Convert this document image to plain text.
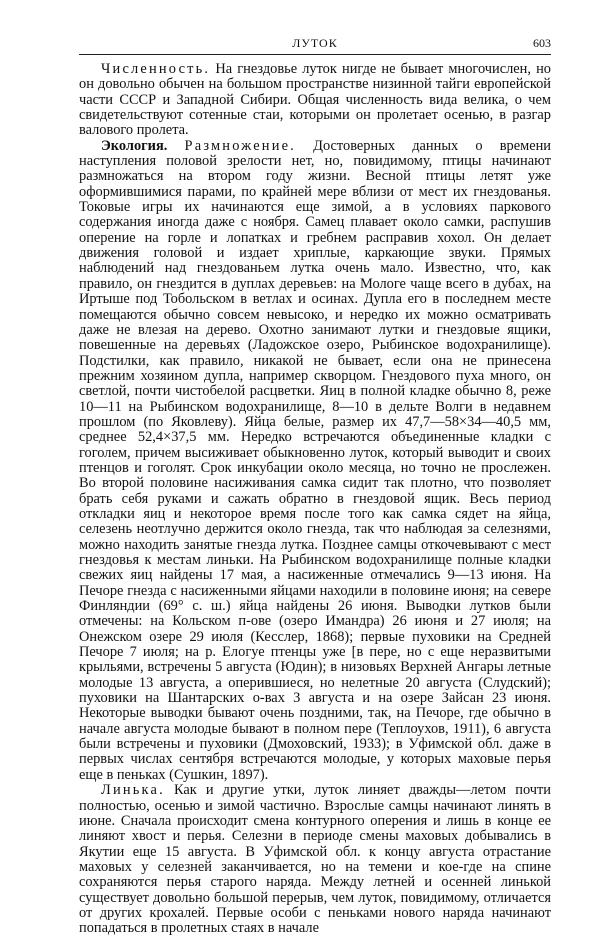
ЛУТОК	603

Численность. На гнездовье луток нигде не бывает многочислен, но он довольно обычен на большом пространстве низинной тайги европейской части СССР и Западной Сибири. Общая численность вида велика, о чем свидетельствуют сотенные стаи, которыми он пролетает осенью, в разгар валового пролета.

Экология. Размножение. Достоверных данных о времени наступления половой зрелости нет, но, повидимому, птицы начинают размножаться на втором году жизни. Весной птицы летят уже оформившимися парами, по крайней мере вблизи от мест их гнездованья. Токовые игры их начинаются еще зимой, а в условиях паркового содержания иногда даже с ноября. Самец плавает около самки, распушив оперение на горле и лопатках и гребнем расправив хохол. Он делает движения головой и издает хриплые, каркающие звуки. Прямых наблюдений над гнездованьем лутка очень мало. Известно, что, как правило, он гнездится в дуплах деревьев: на Мологе чаще всего в дубах, на Иртыше под Тобольском в ветлах и осинах. Дупла его в последнем месте помещаются обычно совсем невысоко, и нередко их можно осматривать даже не влезая на дерево. Охотно занимают лутки и гнездовые ящики, повешенные на деревьях (Ладожское озеро, Рыбинское водохранилище). Подстилки, как правило, никакой не бывает, если она не принесена прежним хозяином дупла, например скворцом. Гнездового пуха много, он светлой, почти чистобелой расцветки. Яиц в полной кладке обычно 8, реже 10—11 на Рыбинском водохранилище, 8—10 в дельте Волги в недавнем прошлом (по Яковлеву). Яйца белые, размер их 47,7—58×34—40,5 мм, среднее 52,4×37,5 мм. Нередко встречаются объединенные кладки с гоголем, причем высиживает обыкновенно луток, который выводит и своих птенцов и гоголят. Срок инкубации около месяца, но точно не прослежен. Во второй половине насиживания самка сидит так плотно, что позволяет брать себя руками и сажать обратно в гнездовой ящик. Весь период откладки яиц и некоторое время после того как самка сядет на яйца, селезень неотлучно держится около гнезда, так что наблюдая за селезнями, можно находить занятые гнезда лутка. Позднее самцы откочевывают с мест гнездовья к местам линьки. На Рыбинском водохранилище полные кладки свежих яиц найдены 17 мая, а насиженные отмечались 9—13 июня. На Печоре гнезда с насиженными яйцами находили в половине июня; на севере Финляндии (69° с. ш.) яйца найдены 26 июня. Выводки лутков были отмечены: на Кольском п-ове (озеро Имандра) 26 июня и 27 июля; на Онежском озере 29 июля (Кесслер, 1868); первые пуховики на Средней Печоре 7 июля; на р. Елогуе птенцы уже [в пере, но с еще неразвитыми крыльями, встречены 5 августа (Юдин); в низовьях Верхней Ангары летные молодые 13 августа, а оперившиеся, но нелетные 20 августа (Слудский); пуховики на Шантарских о-вах 3 августа и на озере Зайсан 23 июня. Некоторые выводки бывают очень поздними, так, на Печоре, где обычно в начале августа молодые бывают в полном пере (Теплоухов, 1911), 6 августа были встречены и пуховики (Дмоховский, 1933); в Уфимской обл. даже в первых числах сентября встречаются молодые, у которых маховые перья еще в пеньках (Сушкин, 1897).

Линька. Как и другие утки, луток линяет дважды—летом почти полностью, осенью и зимой частично. Взрослые самцы начинают линять в июне. Сначала происходит смена контурного оперения и лишь в конце ее линяют хвост и перья. Селезни в периоде смены маховых добывались в Якутии еще 15 августа. В Уфимской обл. к концу августа отрастание маховых у селезней заканчивается, но на темени и кое-где на спине сохраняются перья старого наряда. Между летней и осенней линькой существует довольно большой перерыв, чем луток, повидимому, отличается от других крохалей. Первые особи с пеньками нового наряда начинают попадаться в пролетных стаях в начале
